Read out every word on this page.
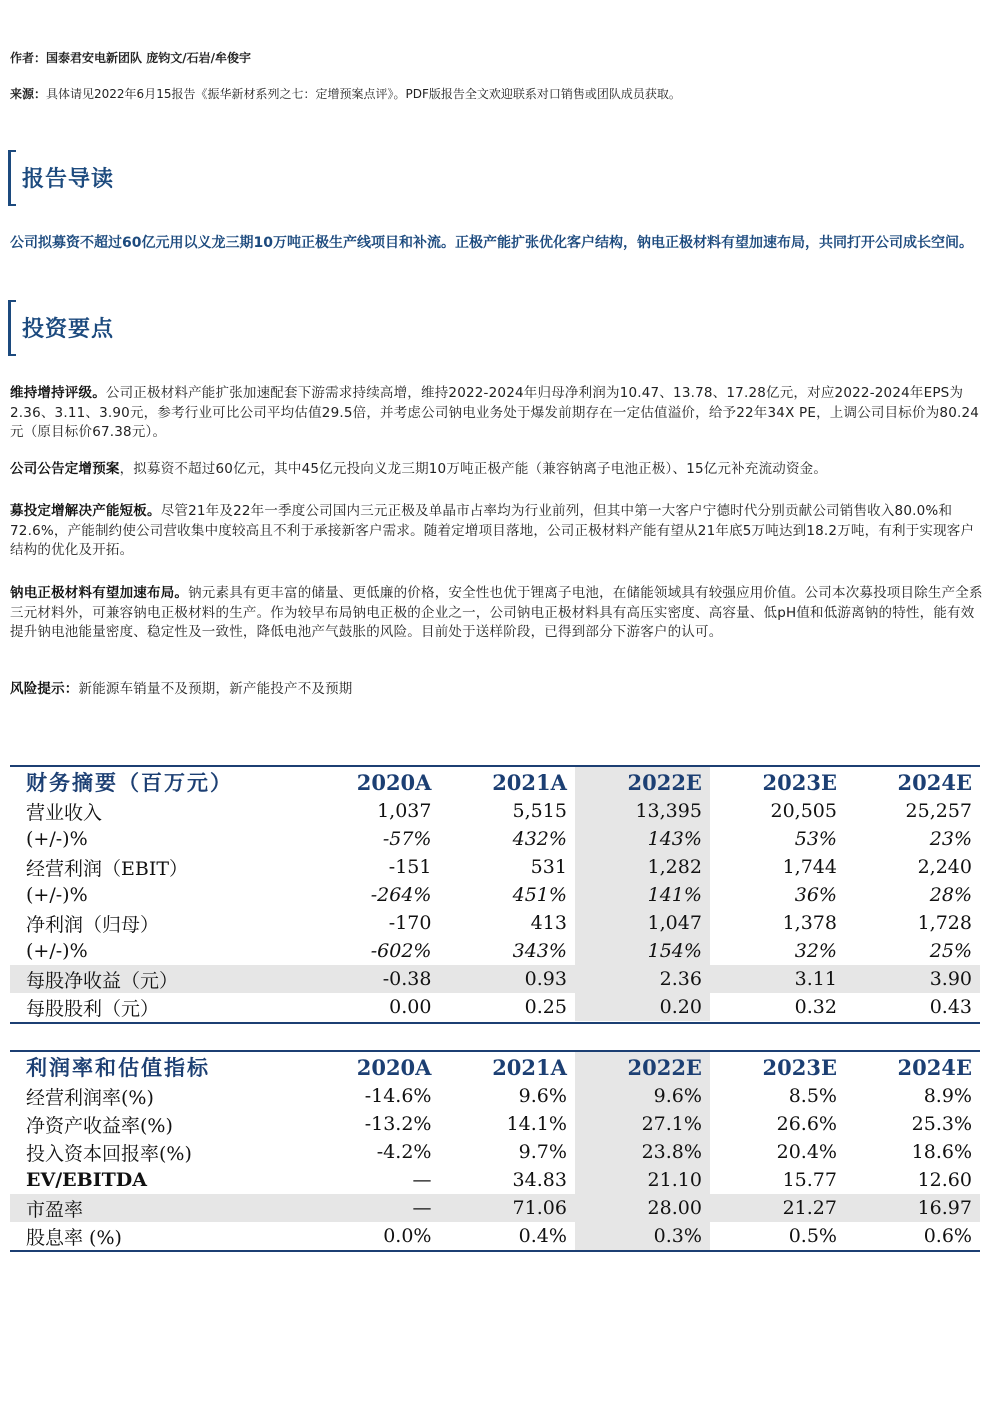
作者：国泰君安电新团队 庞钧文/石岩/牟俊宇
来源：具体请见2022年6月15报告《振华新材系列之七：定增预案点评》。PDF版报告全文欢迎联系对口销售或团队成员获取。
报告导读
公司拟募资不超过60亿元用以义龙三期10万吨正极生产线项目和补流。正极产能扩张优化客户结构，钠电正极材料有望加速布局，共同打开公司成长空间。
投资要点
维持增持评级。公司正极材料产能扩张加速配套下游需求持续高增，维持2022-2024年归母净利润为10.47、13.78、17.28亿元，对应2022-2024年EPS为2.36、3.11、3.90元，参考行业可比公司平均估值29.5倍，并考虑公司钠电业务处于爆发前期存在一定估值溢价，给予22年34X PE，上调公司目标价为80.24元（原目标价67.38元）。
公司公告定增预案，拟募资不超过60亿元，其中45亿元投向义龙三期10万吨正极产能（兼容钠离子电池正极）、15亿元补充流动资金。
募投定增解决产能短板。尽管21年及22年一季度公司国内三元正极及单晶市占率均为行业前列，但其中第一大客户宁德时代分别贡献公司销售收入80.0%和72.6%，产能制约使公司营收集中度较高且不利于承接新客户需求。随着定增项目落地，公司正极材料产能有望从21年底5万吨达到18.2万吨，有利于实现客户结构的优化及开拓。
钠电正极材料有望加速布局。钠元素具有更丰富的储量、更低廉的价格，安全性也优于锂离子电池，在储能领域具有较强应用价值。公司本次募投项目除生产全系三元材料外，可兼容钠电正极材料的生产。作为较早布局钠电正极的企业之一，公司钠电正极材料具有高压实密度、高容量、低pH值和低游离钠的特性，能有效提升钠电池能量密度、稳定性及一致性，降低电池产气鼓胀的风险。目前处于送样阶段，已得到部分下游客户的认可。
风险提示：新能源车销量不及预期，新产能投产不及预期
财务摘要（百万元）	2020A	2021A	2022E	2023E	2024E
营业收入	1,037	5,515	13,395	20,505	25,257
(+/-)%	-57%	432%	143%	53%	23%
经营利润（EBIT）	-151	531	1,282	1,744	2,240
(+/-)%	-264%	451%	141%	36%	28%
净利润（归母）	-170	413	1,047	1,378	1,728
(+/-)%	-602%	343%	154%	32%	25%
每股净收益（元）	-0.38	0.93	2.36	3.11	3.90
每股股利（元）	0.00	0.25	0.20	0.32	0.43
利润率和估值指标	2020A	2021A	2022E	2023E	2024E
经营利润率(%)	-14.6%	9.6%	9.6%	8.5%	8.9%
净资产收益率(%)	-13.2%	14.1%	27.1%	26.6%	25.3%
投入资本回报率(%)	-4.2%	9.7%	23.8%	20.4%	18.6%
EV/EBITDA	—	34.83	21.10	15.77	12.60
市盈率	—	71.06	28.00	21.27	16.97
股息率 (%)	0.0%	0.4%	0.3%	0.5%	0.6%
